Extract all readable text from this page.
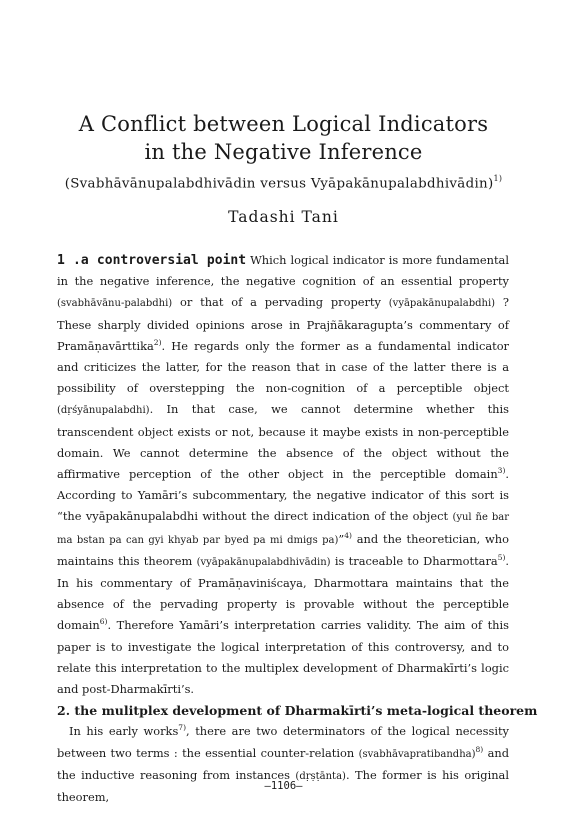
A Conflict between Logical Indicators
in the Negative Inference
(Svabhāvānupalabdhivādin versus Vyāpakānupalabdhivādin)$^{1)}$
Tadashi Tani

1 .a controversial point Which logical indicator is more fundamental in the negative inference, the negative cognition of an essential property (svabhāvānu-palabdhi) or that of a pervading property (vyāpakānupalabdhi) ? These sharply divided opinions arose in Prajñākaragupta’s commentary of Pramāṇavārttika$^{2)}$. He regards only the former as a fundamental indicator and criticizes the latter, for the reason that in case of the latter there is a possibility of overstepping the non-cognition of a perceptible object (dṛśyānupalabdhi). In that case, we cannot determine whether this transcendent object exists or not, because it maybe exists in non-perceptible domain. We cannot determine the absence of the object without the affirmative perception of the other object in the perceptible domain$^{3)}$. According to Yamāri’s subcommentary, the negative indicator of this sort is “the vyāpakānupalabdhi without the direct indication of the object (yul ñe bar ma bstan pa can gyi khyab par byed pa mi dmigs pa)”$^{4)}$ and the theoretician, who maintains this theorem (vyāpakānupalabdhivādin) is traceable to Dharmottara$^{5)}$. In his commentary of Pramāṇaviniścaya, Dharmottara maintains that the absence of the pervading property is provable without the perceptible domain$^{6)}$. Therefore Yamāri’s interpretation carries validity. The aim of this paper is to investigate the logical interpretation of this controversy, and to relate this interpretation to the multiplex development of Dharmakīrti’s logic and post-Dharmakīrti’s.

2. the mulitplex development of Dharmakīrti’s meta-logical theorem

In his early works$^{7)}$, there are two determinators of the logical necessity between two terms : the essential counter-relation (svabhāvapratibandha)$^{8)}$ and the inductive reasoning from instances (dṛṣṭānta). The former is his original theorem,

—1106—
